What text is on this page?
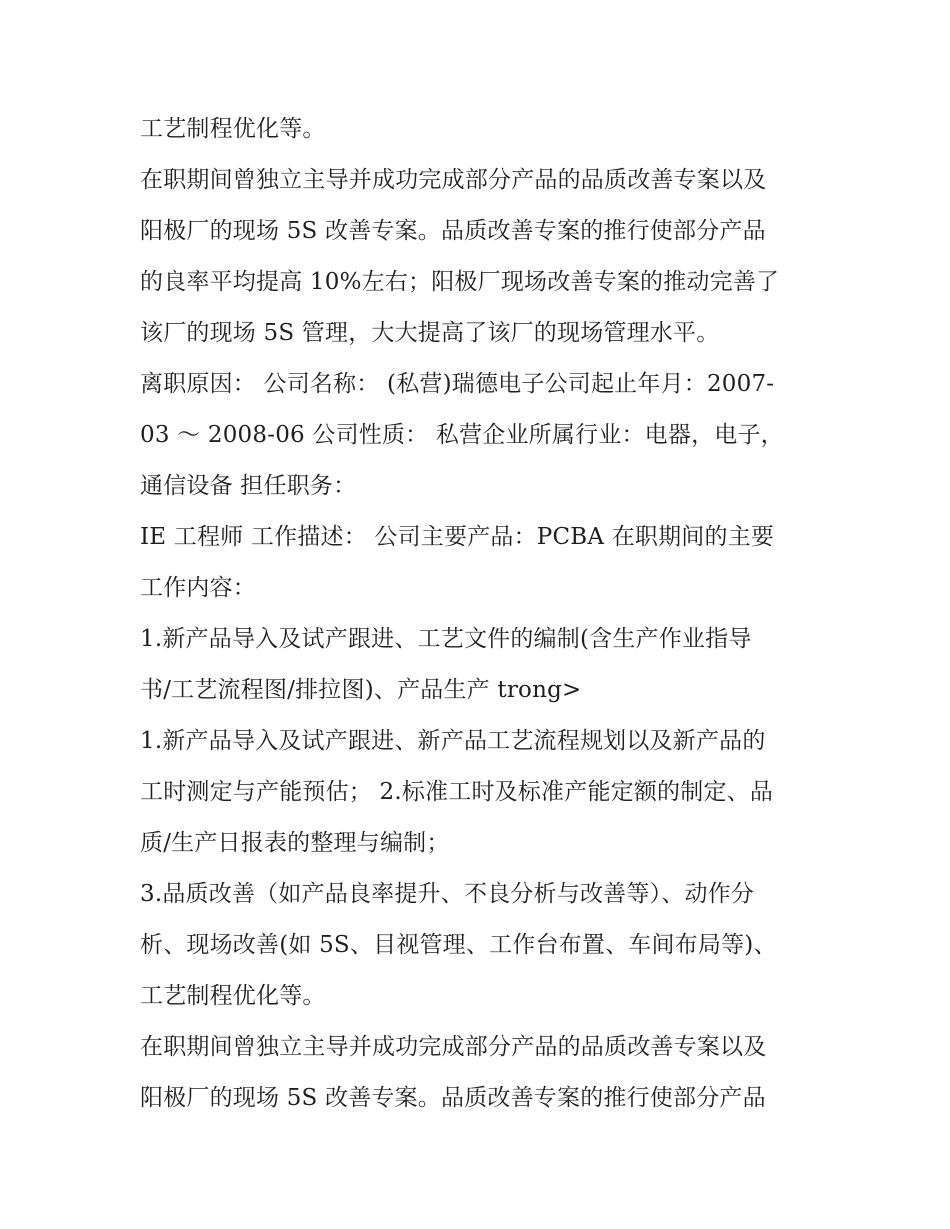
工艺制程优化等。
在职期间曾独立主导并成功完成部分产品的品质改善专案以及
阳极厂的现场 5S 改善专案。品质改善专案的推行使部分产品
的良率平均提高 10%左右；阳极厂现场改善专案的推动完善了
该厂的现场 5S 管理，大大提高了该厂的现场管理水平。
离职原因： 公司名称： (私营)瑞德电子公司起止年月：2007-
03 ～ 2008-06 公司性质： 私营企业所属行业：电器，电子，
通信设备 担任职务：
IE 工程师 工作描述： 公司主要产品：PCBA 在职期间的主要
工作内容：
1.新产品导入及试产跟进、工艺文件的编制(含生产作业指导
书/工艺流程图/排拉图)、产品生产 trong>
1.新产品导入及试产跟进、新产品工艺流程规划以及新产品的
工时测定与产能预估； 2.标准工时及标准产能定额的制定、品
质/生产日报表的整理与编制；
3.品质改善（如产品良率提升、不良分析与改善等）、动作分
析、现场改善(如 5S、目视管理、工作台布置、车间布局等)、
工艺制程优化等。
在职期间曾独立主导并成功完成部分产品的品质改善专案以及
阳极厂的现场 5S 改善专案。品质改善专案的推行使部分产品
